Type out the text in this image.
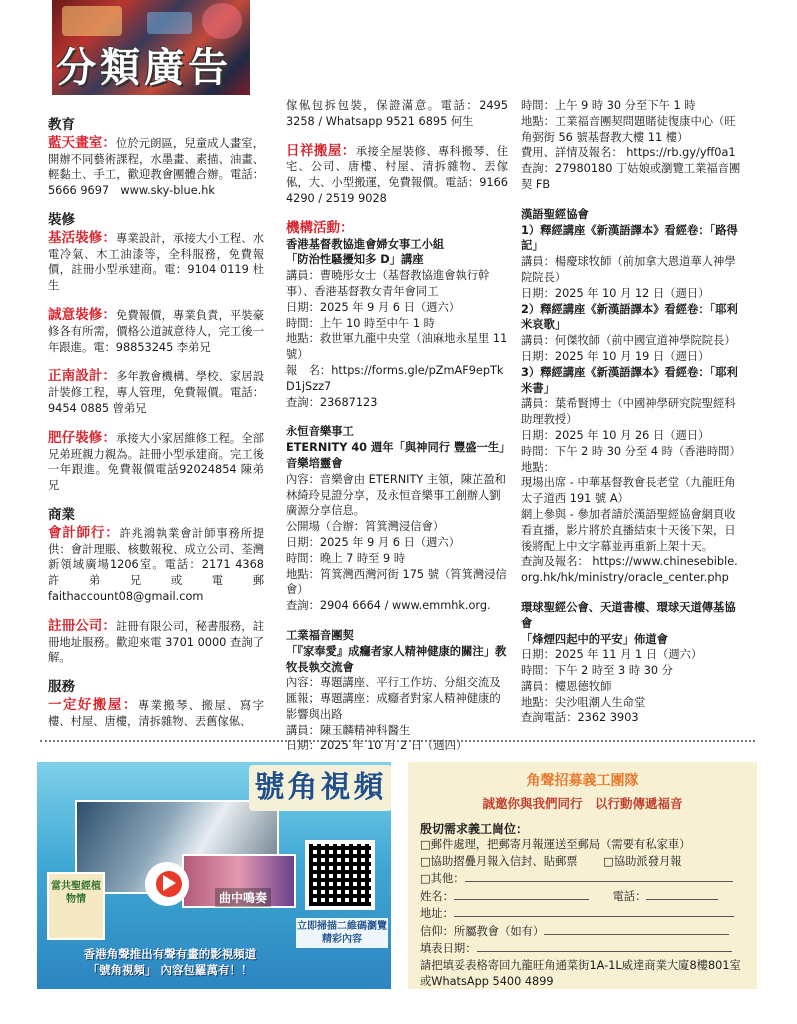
分類廣告
教育
藍天畫室：位於元朗區，兒童成人畫室，開辦不同藝術課程，水墨畫、素描、油畫、輕黏土、手工，歡迎教會團體合辦。電話：5666 9697　www.sky-blue.hk
裝修
基活裝修：專業設計，承接大小工程、水電冷氣、木工油漆等，全科服務，免費報價，註冊小型承建商。電：9104 0119 杜生
誠意裝修：免費報價，專業負責，平裝豪修各有所需，價格公道誠意待人，完工後一年跟進。電：98853245 李弟兄
正南設計：多年教會機構、學校、家居設計裝修工程，專人管理，免費報價。電話：9454 0885 曾弟兄
肥仔裝修：承接大小家居維修工程。全部兄弟班親力親為。註冊小型承建商。完工後一年跟進。免費報價電話92024854 陳弟兄
商業
會計師行：許兆鴻執業會計師事務所提供：會計理賬、核數報稅、成立公司、荃灣新領域廣場1206室。電話：2171 4368　許弟兄或電郵 faithaccount08@gmail.com
註冊公司：註冊有限公司，秘書服務，註冊地址服務。歡迎來電 3701 0000 查詢了解。
服務
一定好搬屋：專業搬琴、搬屋、寫字樓、村屋、唐樓，清拆雜物、丟舊傢俬、
傢俬包拆包裝，保證滿意。電話：2495 3258 / Whatsapp 9521 6895 何生
日祥搬屋：承接全屋裝修、專科搬琴、住宅、公司、唐樓、村屋、清拆雜物、丟傢俬，大、小型搬運，免費報價。電話：9166 4290 / 2519 9028
機構活動：

香港基督教協進會婦女事工小組

「防治性騷擾知多 D」講座

講員：曹曉彤女士（基督教協進會執行幹事）、香港基督教女青年會同工

日期：2025 年 9 月 6 日（週六）

時間：上午 10 時至中午 1 時

地點：救世軍九龍中央堂（油麻地永星里 11 號）

報　名：https://forms.gle/pZmAF9epTkD1jSzz7

查詢：23687123

永恒音樂事工

ETERNITY 40 週年「與神同行 豐盛一生」音樂培靈會

內容：音樂會由 ETERNITY 主領，陳芷盈和林綺玲見證分享，及永恒音樂事工創辦人劉廣源分享信息。

公開場（合辦：筲箕灣浸信會）

日期：2025 年 9 月 6 日（週六）

時間：晚上 7 時至 9 時

地點：筲箕灣西灣河街 175 號（筲箕灣浸信會）

查詢：2904 6664 / www.emmhk.org.

工業福音團契

「『家奉愛』成癮者家人精神健康的關注」教牧長執交流會

內容：專題講座、平行工作坊、分組交流及匯報；專題講座：成癮者對家人精神健康的影響與出路

講員：陳玉麟精神科醫生

日期：2025 年 10 月 2 日（週四）

時間：上午 9 時 30 分至下午 1 時

地點：工業福音團契問題賭徒復康中心（旺角弼街 56 號基督教大樓 11 樓）

費用、詳情及報名： https://rb.gy/yff0a1

查詢：27980180 丁姑娘或瀏覽工業福音團契 FB

漢語聖經協會

1）釋經講座《新漢語譯本》看經卷：「路得記」

講員：楊慶球牧師（前加拿大恩道華人神學院院長）

日期：2025 年 10 月 12 日（週日）

2）釋經講座《新漢語譯本》看經卷：「耶利米哀歌」

講員：何傑牧師（前中國宣道神學院院長）

日期：2025 年 10 月 19 日（週日）

3）釋經講座《新漢語譯本》看經卷：「耶利米書」

講員：葉希賢博士（中國神學研究院聖經科助理教授）

日期：2025 年 10 月 26 日（週日）

時間：下午 2 時 30 分至 4 時（香港時間）

地點：

現場出席 - 中華基督教會長老堂（九龍旺角太子道西 191 號 A）

網上參與 - 參加者請於漢語聖經協會網頁收看直播，影片將於直播結束十天後下架，日後將配上中文字幕並再重新上架十天。

查詢及報名： https://www.chinesebible.org.hk/hk/ministry/oracle_center.php

環球聖經公會、天道書樓、環球天道傳基協會

「烽煙四起中的平安」佈道會

日期：2025 年 11 月 1 日（週六）

時間：下午 2 時至 3 時 30 分

講員：樓恩德牧師

地點：尖沙咀潮人生命堂

查詢電話：2362 3903

號角視頻
當共聖經植物情	曲中鳴奏
立即掃描二維碼瀏覽精彩內容
香港角聲推出有聲有畫的影視頻道
「號角視頻」 內容包羅萬有！！
角聲招募義工團隊
誠邀你與我們同行　以行動傳遞福音
殷切需求義工崗位：
□郵件處理，把郵寄月報運送至郵局（需要有私家車）
□協助摺疊月報入信封、貼郵票 □協助派發月報
□其他：
姓名：	電話：
地址：
信仰：所屬教會（如有）
填表日期：
請把填妥表格寄回九龍旺角通菜街1A-1L威達商業大廈8樓801室或WhatsApp 5400 4899
